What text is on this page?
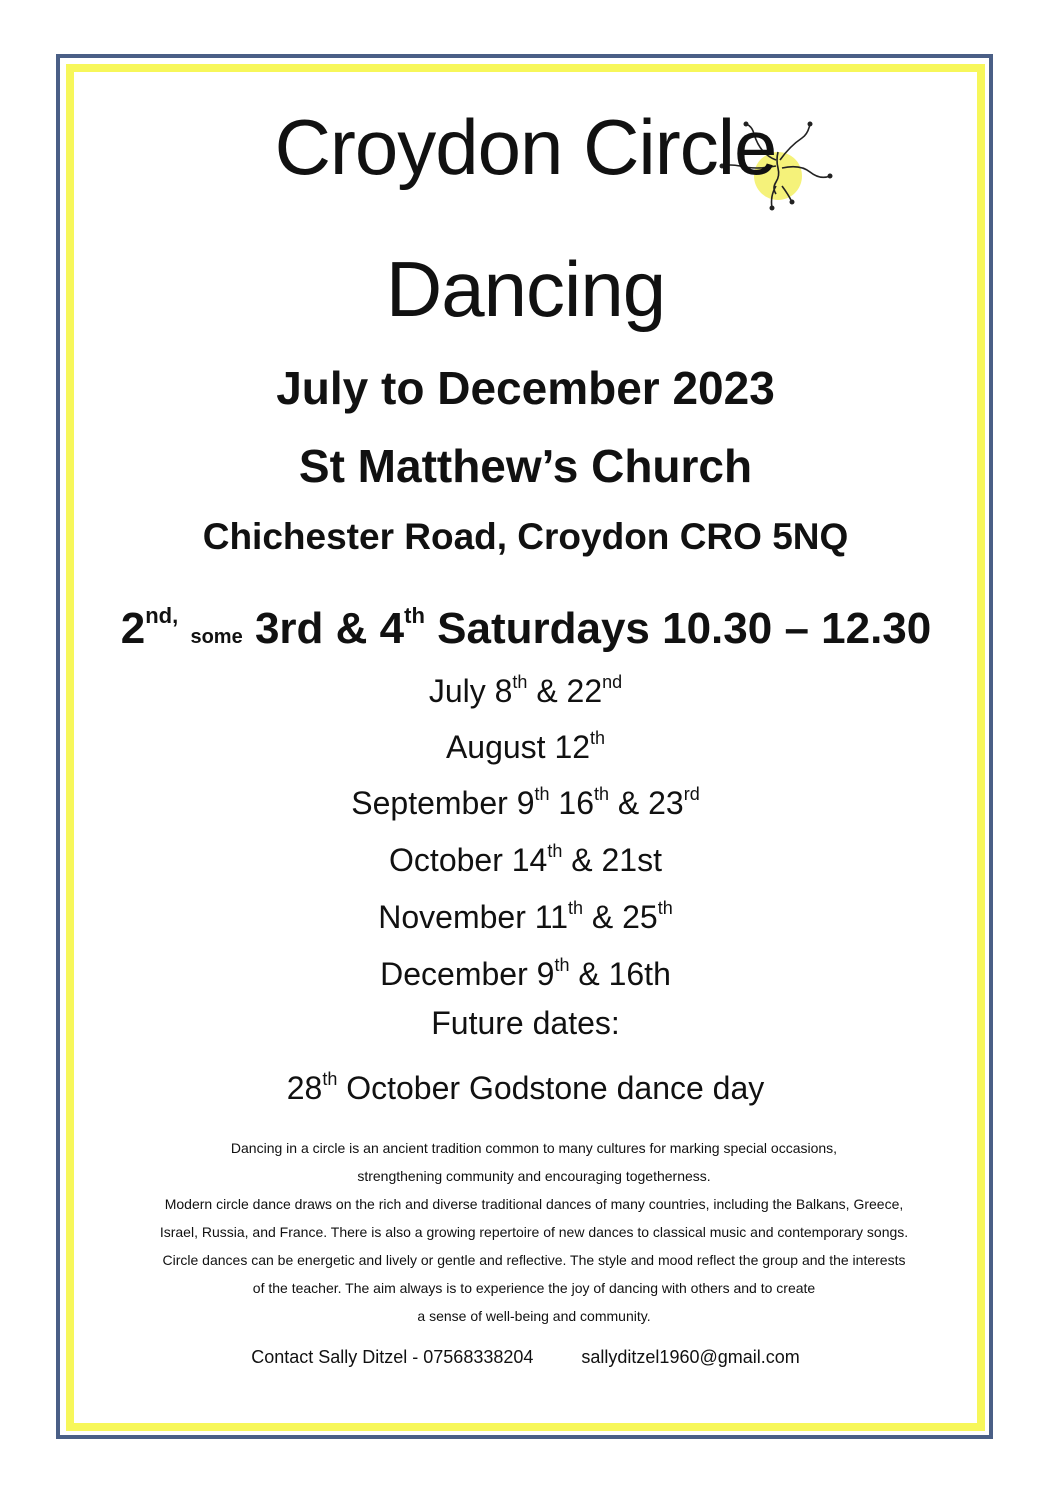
Croydon Circle
Dancing
July to December 2023
St Matthew’s Church
Chichester Road, Croydon CRO 5NQ
$2^{nd,}$ some 3rd & 4th Saturdays 10.30 – 12.30
July 8th & 22nd
August 12th
September 9th 16th & 23rd
October 14th & 21st
November 11th & 25th
December 9th & 16th
Future dates:
28th October Godstone dance day

Dancing in a circle is an ancient tradition common to many cultures for marking special occasions,

strengthening community and encouraging togetherness.

Modern circle dance draws on the rich and diverse traditional dances of many countries, including the Balkans, Greece,

Israel, Russia, and France. There is also a growing repertoire of new dances to classical music and contemporary songs.

Circle dances can be energetic and lively or gentle and reflective. The style and mood reflect the group and the interests

of the teacher. The aim always is to experience the joy of dancing with others and to create

a sense of well-being and community.

Contact Sally Ditzel - 07568338204	sallyditzel1960@gmail.com
